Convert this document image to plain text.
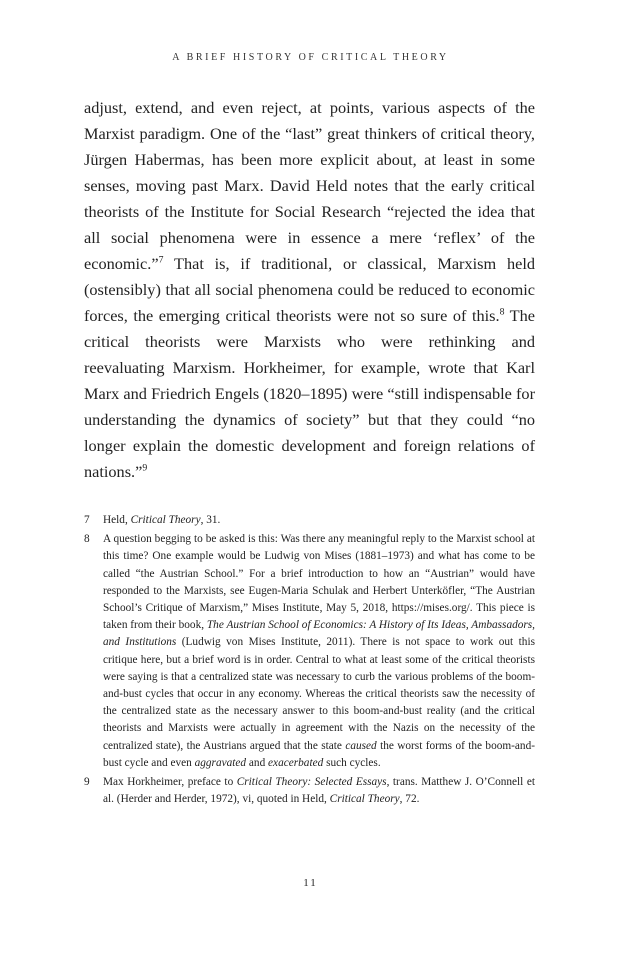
A BRIEF HISTORY OF CRITICAL THEORY

adjust, extend, and even reject, at points, various aspects of the Marxist paradigm. One of the “last” great thinkers of critical theory, Jürgen Habermas, has been more explicit about, at least in some senses, moving past Marx. David Held notes that the early critical theorists of the Institute for Social Research “rejected the idea that all social phenomena were in essence a mere ‘reflex’ of the economic.”$^7$ That is, if traditional, or classical, Marxism held (ostensibly) that all social phenomena could be reduced to economic forces, the emerging critical theorists were not so sure of this.$^8$ The critical theorists were Marxists who were rethinking and reevaluating Marxism. Horkheimer, for example, wrote that Karl Marx and Friedrich Engels (1820–1895) were “still indispensable for understanding the dynamics of society” but that they could “no longer explain the domestic development and foreign relations of nations.”$^9$

7 Held, Critical Theory, 31.

8 A question begging to be asked is this: Was there any meaningful reply to the Marxist school at this time? One example would be Ludwig von Mises (1881–1973) and what has come to be called “the Austrian School.” For a brief introduction to how an “Austrian” would have responded to the Marxists, see Eugen-Maria Schulak and Herbert Unterköfler, “The Austrian School’s Critique of Marxism,” Mises Institute, May 5, 2018, https://mises.org/. This piece is taken from their book, The Austrian School of Economics: A History of Its Ideas, Ambassadors, and Institutions (Ludwig von Mises Institute, 2011). There is not space to work out this critique here, but a brief word is in order. Central to what at least some of the critical theorists were saying is that a centralized state was necessary to curb the various problems of the boom-and-bust cycles that occur in any economy. Whereas the critical theorists saw the necessity of the centralized state as the necessary answer to this boom-and-bust reality (and the critical theorists and Marxists were actually in agreement with the Nazis on the necessity of the centralized state), the Austrians argued that the state caused the worst forms of the boom-and-bust cycle and even aggravated and exacerbated such cycles.

9 Max Horkheimer, preface to Critical Theory: Selected Essays, trans. Matthew J. O’Connell et al. (Herder and Herder, 1972), vi, quoted in Held, Critical Theory, 72.

11
